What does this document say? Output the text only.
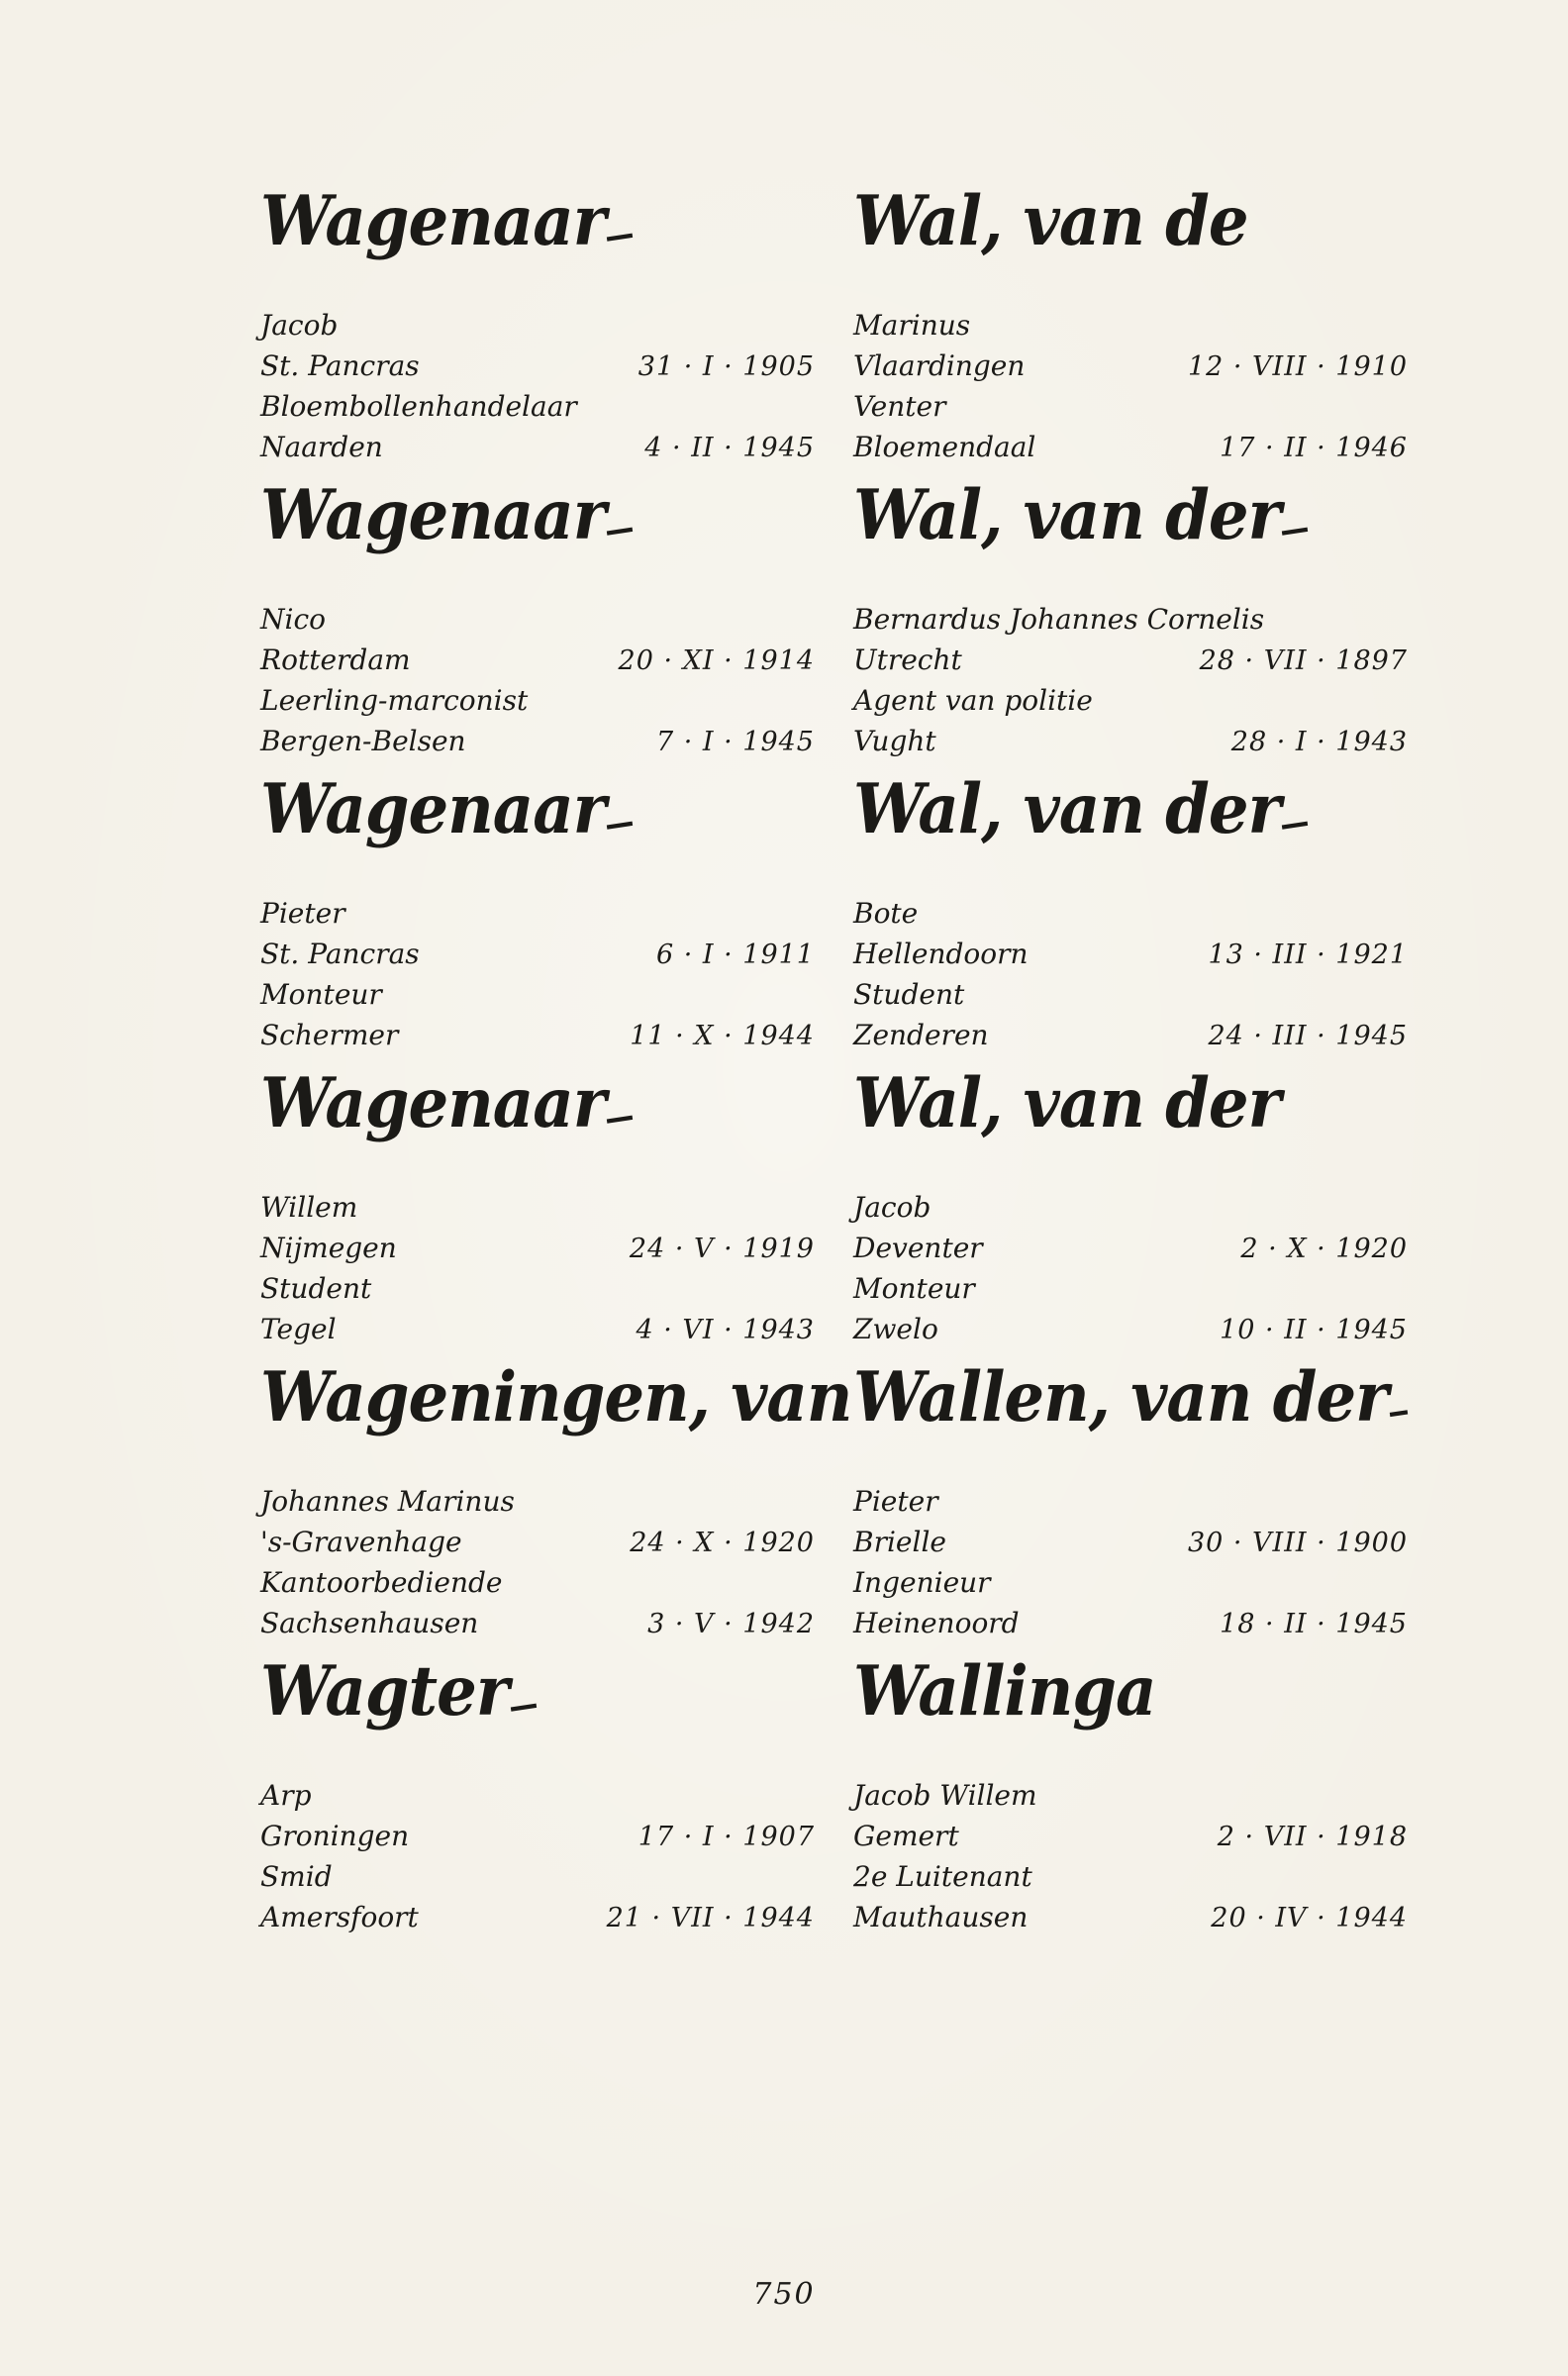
Wagenaar
Jacob
St. Pancras	31 · I · 1905
Bloembollenhandelaar
Naarden	4 · II · 1945
Wagenaar
Nico
Rotterdam	20 · XI · 1914
Leerling-marconist
Bergen-Belsen	7 · I · 1945
Wagenaar
Pieter
St. Pancras	6 · I · 1911
Monteur
Schermer	11 · X · 1944
Wagenaar
Willem
Nijmegen	24 · V · 1919
Student
Tegel	4 · VI · 1943
Wageningen, van
Johannes Marinus
's-Gravenhage	24 · X · 1920
Kantoorbediende
Sachsenhausen	3 · V · 1942
Wagter
Arp
Groningen	17 · I · 1907
Smid
Amersfoort	21 · VII · 1944
Wal, van de
Marinus
Vlaardingen	12 · VIII · 1910
Venter
Bloemendaal	17 · II · 1946
Wal, van der
Bernardus Johannes Cornelis
Utrecht	28 · VII · 1897
Agent van politie
Vught	28 · I · 1943
Wal, van der
Bote
Hellendoorn	13 · III · 1921
Student
Zenderen	24 · III · 1945
Wal, van der
Jacob
Deventer	2 · X · 1920
Monteur
Zwelo	10 · II · 1945
Wallen, van der
Pieter
Brielle	30 · VIII · 1900
Ingenieur
Heinenoord	18 · II · 1945
Wallinga
Jacob Willem
Gemert	2 · VII · 1918
2e Luitenant
Mauthausen	20 · IV · 1944
750
